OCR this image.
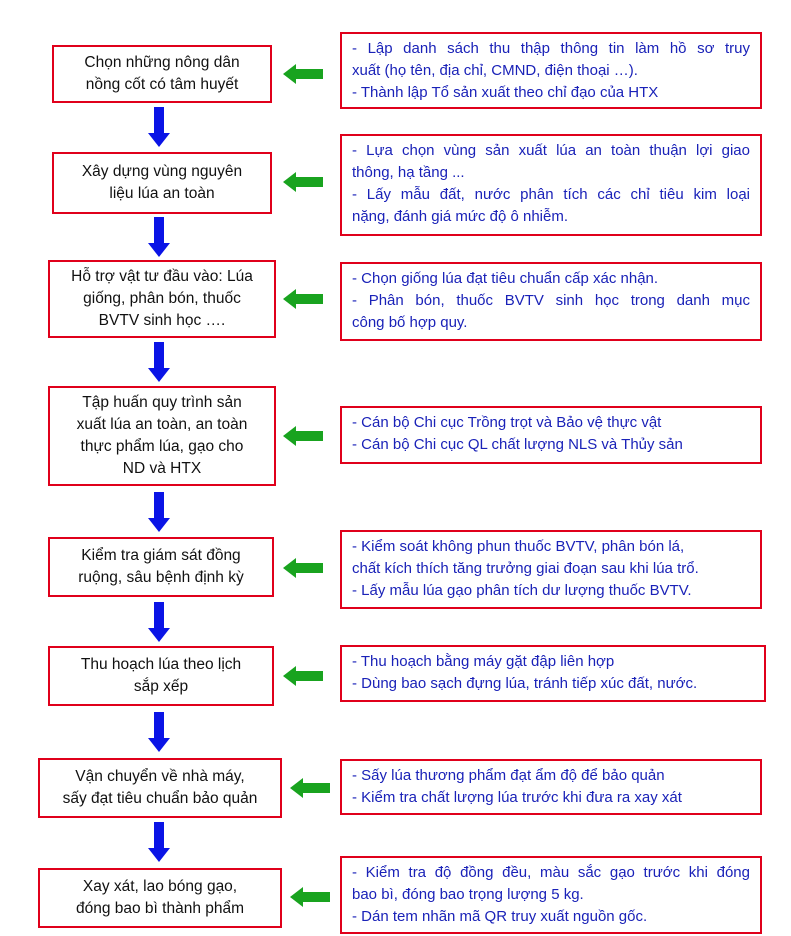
Chọn những nông dân
nồng cốt có tâm huyết
Xây dựng vùng nguyên
liệu lúa an toàn
Hỗ trợ vật tư đầu vào: Lúa
giống, phân bón, thuốc
BVTV sinh học ….
Tập huấn quy trình sản
xuất lúa an toàn, an toàn
thực phẩm lúa, gạo cho
ND và HTX
Kiểm tra giám sát đồng
ruộng, sâu bệnh định kỳ
Thu hoạch lúa theo lịch
sắp xếp
Vận chuyển về nhà máy,
sấy đạt tiêu chuẩn bảo quản
Xay xát, lao bóng gạo,
đóng bao bì thành phẩm
- Lập danh sách thu thập thông tin làm hồ sơ truy
xuất (họ tên, địa chỉ, CMND, điện thoại …).
- Thành lập Tổ sản xuất theo chỉ đạo của HTX
- Lựa chọn vùng sản xuất lúa an toàn thuận lợi giao
thông, hạ tầng ...
- Lấy mẫu đất, nước phân tích các chỉ tiêu kim loại
nặng, đánh giá mức độ ô nhiễm.
- Chọn giống lúa đạt tiêu chuẩn cấp xác nhận.
- Phân bón, thuốc BVTV sinh học trong danh mục
công bố hợp quy.
- Cán bộ Chi cục Trồng trọt và Bảo vệ thực vật
- Cán bộ Chi cục QL chất lượng NLS và Thủy sản
- Kiểm soát không phun thuốc BVTV, phân bón lá,
chất kích thích tăng trưởng giai đoạn sau khi lúa trổ.
- Lấy mẫu lúa gạo phân tích dư lượng thuốc BVTV.
- Thu hoạch bằng máy gặt đập liên hợp
- Dùng bao sạch đựng lúa, tránh tiếp xúc đất, nước.
- Sấy lúa thương phẩm đạt ẩm độ để bảo quản
- Kiểm tra chất lượng lúa trước khi đưa ra xay xát
- Kiểm tra độ đồng đều, màu sắc gạo trước khi đóng
bao bì, đóng bao trọng lượng 5 kg.
- Dán tem nhãn mã QR truy xuất nguồn gốc.
